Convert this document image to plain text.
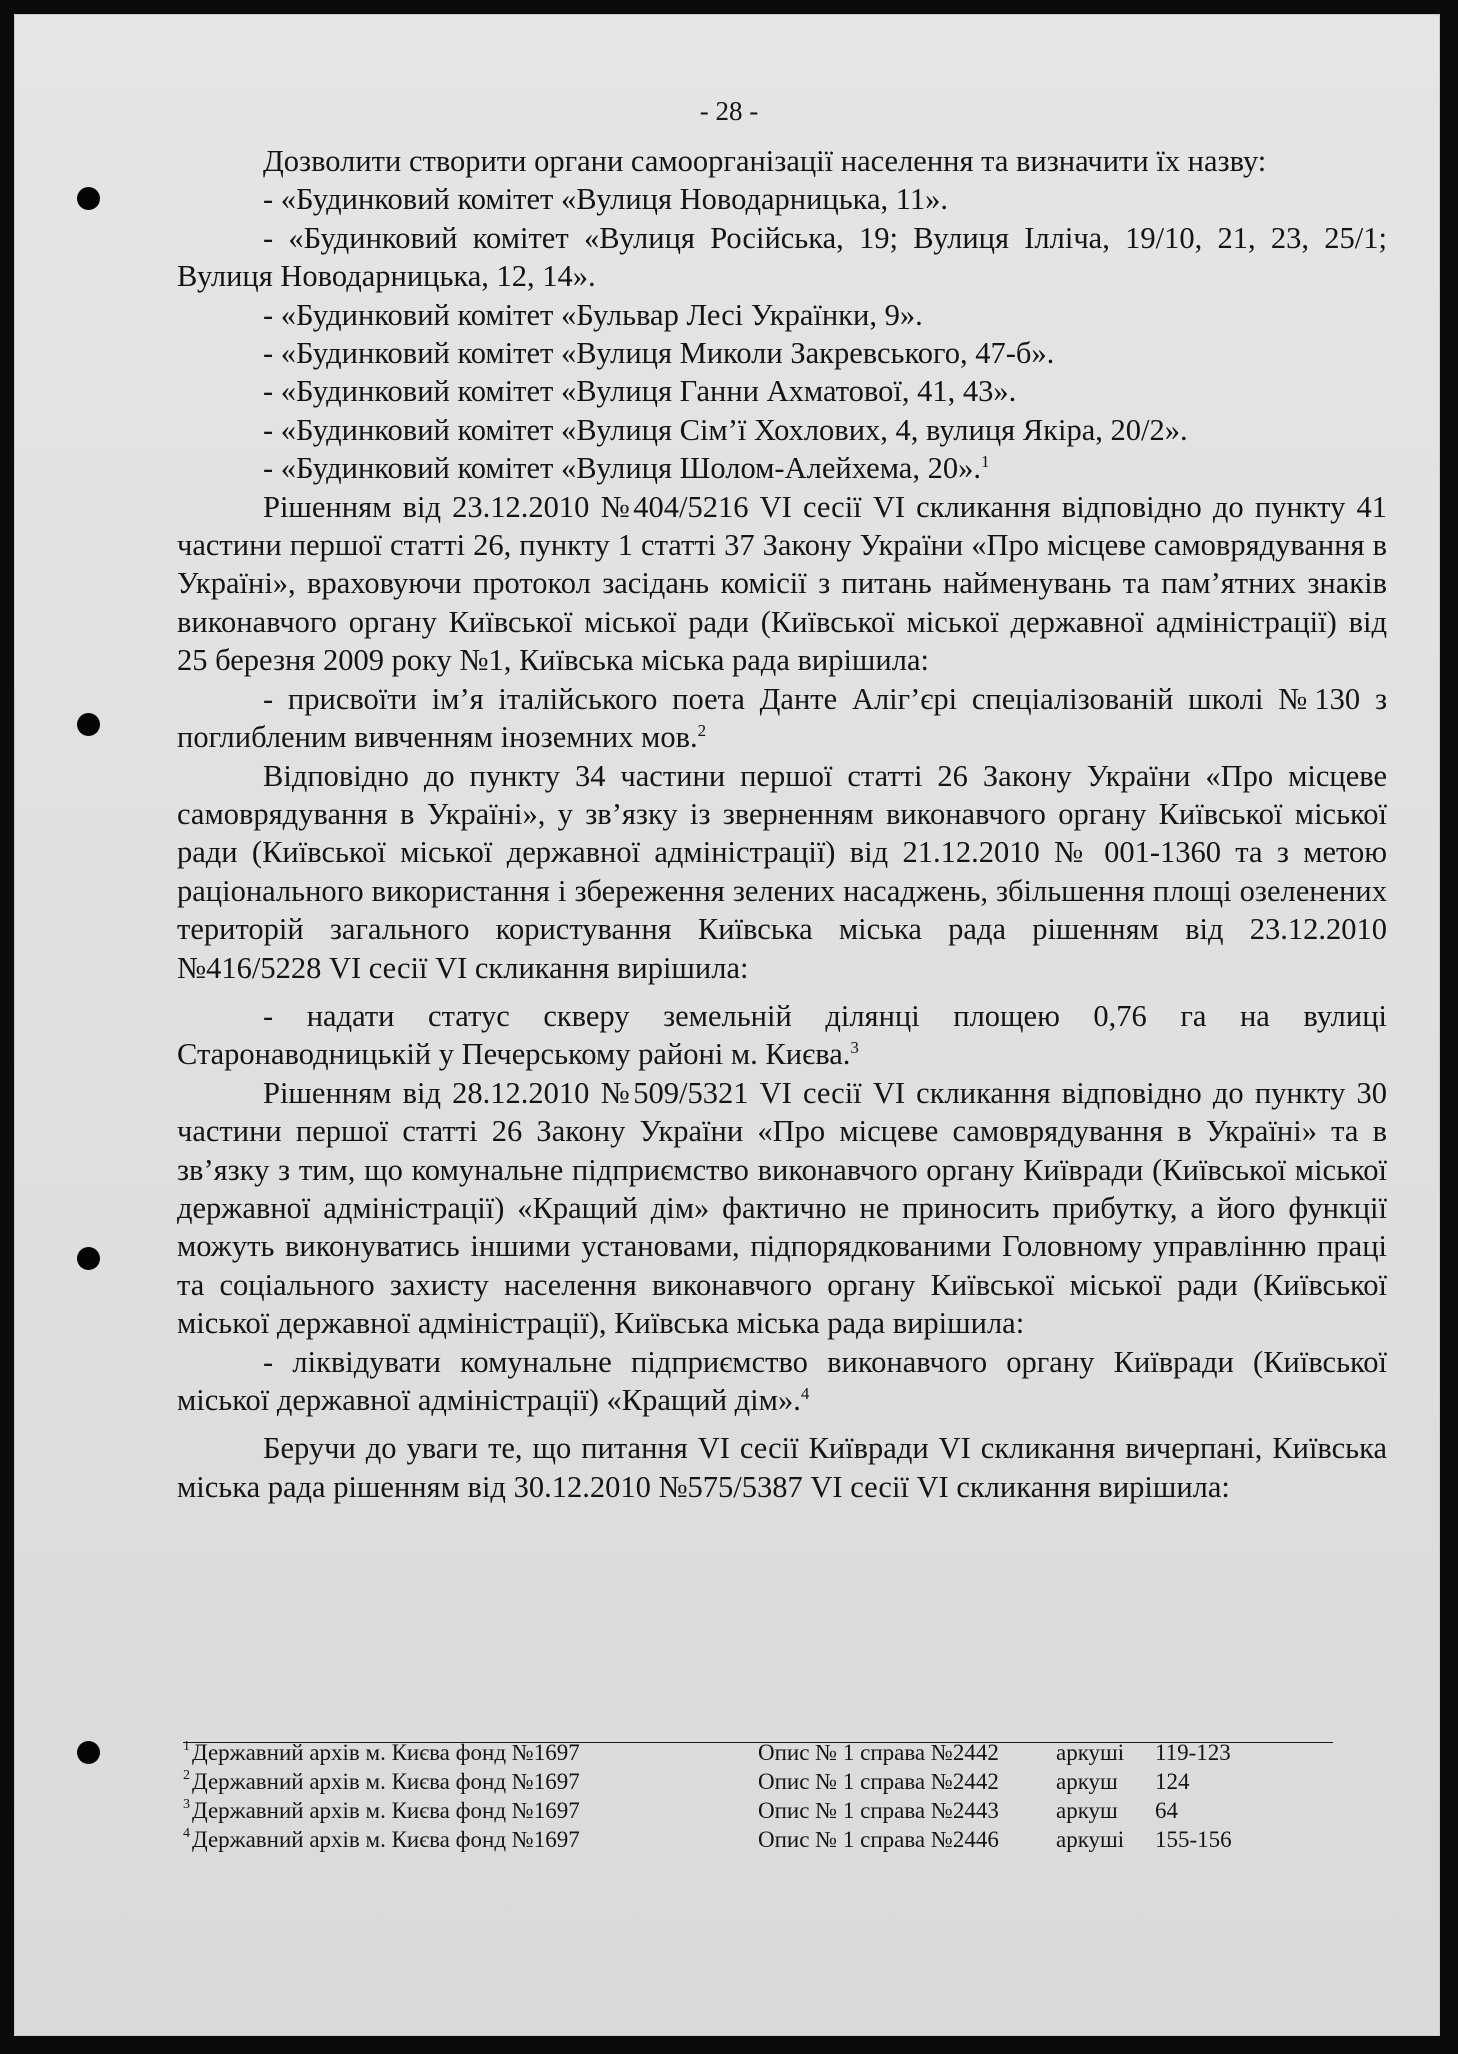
- 28 -

Дозволити створити органи самоорганізації населення та визначити їх назву:

- «Будинковий комітет «Вулиця Новодарницька, 11».

- «Будинковий комітет «Вулиця Російська, 19; Вулиця Ілліча, 19/10, 21, 23, 25/1; Вулиця Новодарницька, 12, 14».

- «Будинковий комітет «Бульвар Лесі Українки, 9».

- «Будинковий комітет «Вулиця Миколи Закревського, 47-б».

- «Будинковий комітет «Вулиця Ганни Ахматової, 41, 43».

- «Будинковий комітет «Вулиця Сім’ї Хохлових, 4, вулиця Якіра, 20/2».

- «Будинковий комітет «Вулиця Шолом-Алейхема, 20».$^1$

Рішенням від 23.12.2010 №404/5216 VI сесії VI скликання відповідно до пункту 41 частини першої статті 26, пункту 1 статті 37 Закону України «Про місцеве самоврядування в Україні», враховуючи протокол засідань комісії з питань найменувань та пам’ятних знаків виконавчого органу Київської міської ради (Київської міської державної адміністрації) від 25 березня 2009 року №1, Київська міська рада вирішила:

- присвоїти ім’я італійського поета Данте Аліг’єрі спеціалізованій школі №130 з поглибленим вивченням іноземних мов.$^2$

Відповідно до пункту 34 частини першої статті 26 Закону України «Про місцеве самоврядування в Україні», у зв’язку із зверненням виконавчого органу Київської міської ради (Київської міської державної адміністрації) від 21.12.2010 № 001-1360 та з метою раціонального використання і збереження зелених насаджень, збільшення площі озеленених територій загального користування Київська міська рада рішенням від 23.12.2010 №416/5228 VI сесії VI скликання вирішила:

- надати статус скверу земельній ділянці площею 0,76 га на вулиці Старонаводницькій у Печерському районі м. Києва.$^3$

Рішенням від 28.12.2010 №509/5321 VI сесії VI скликання відповідно до пункту 30 частини першої статті 26 Закону України «Про місцеве самоврядування в Україні» та в зв’язку з тим, що комунальне підприємство виконавчого органу Київради (Київської міської державної адміністрації) «Кращий дім» фактично не приносить прибутку, а його функції можуть виконуватись іншими установами, підпорядкованими Головному управлінню праці та соціального захисту населення виконавчого органу Київської міської ради (Київської міської державної адміністрації), Київська міська рада вирішила:

- ліквідувати комунальне підприємство виконавчого органу Київради (Київської міської державної адміністрації) «Кращий дім».$^4$

Беручи до уваги те, що питання VI сесії Київради VI скликання вичерпані, Київська міська рада рішенням від 30.12.2010 №575/5387 VI сесії VI скликання вирішила:

1 Державний архів м. Києва фонд №1697	Опис № 1 справа №2442 аркуші 119-123
2 Державний архів м. Києва фонд №1697	Опис № 1 справа №2442 аркуш 124
3 Державний архів м. Києва фонд №1697	Опис № 1 справа №2443 аркуш 64
4 Державний архів м. Києва фонд №1697	Опис № 1 справа №2446 аркуші 155-156
